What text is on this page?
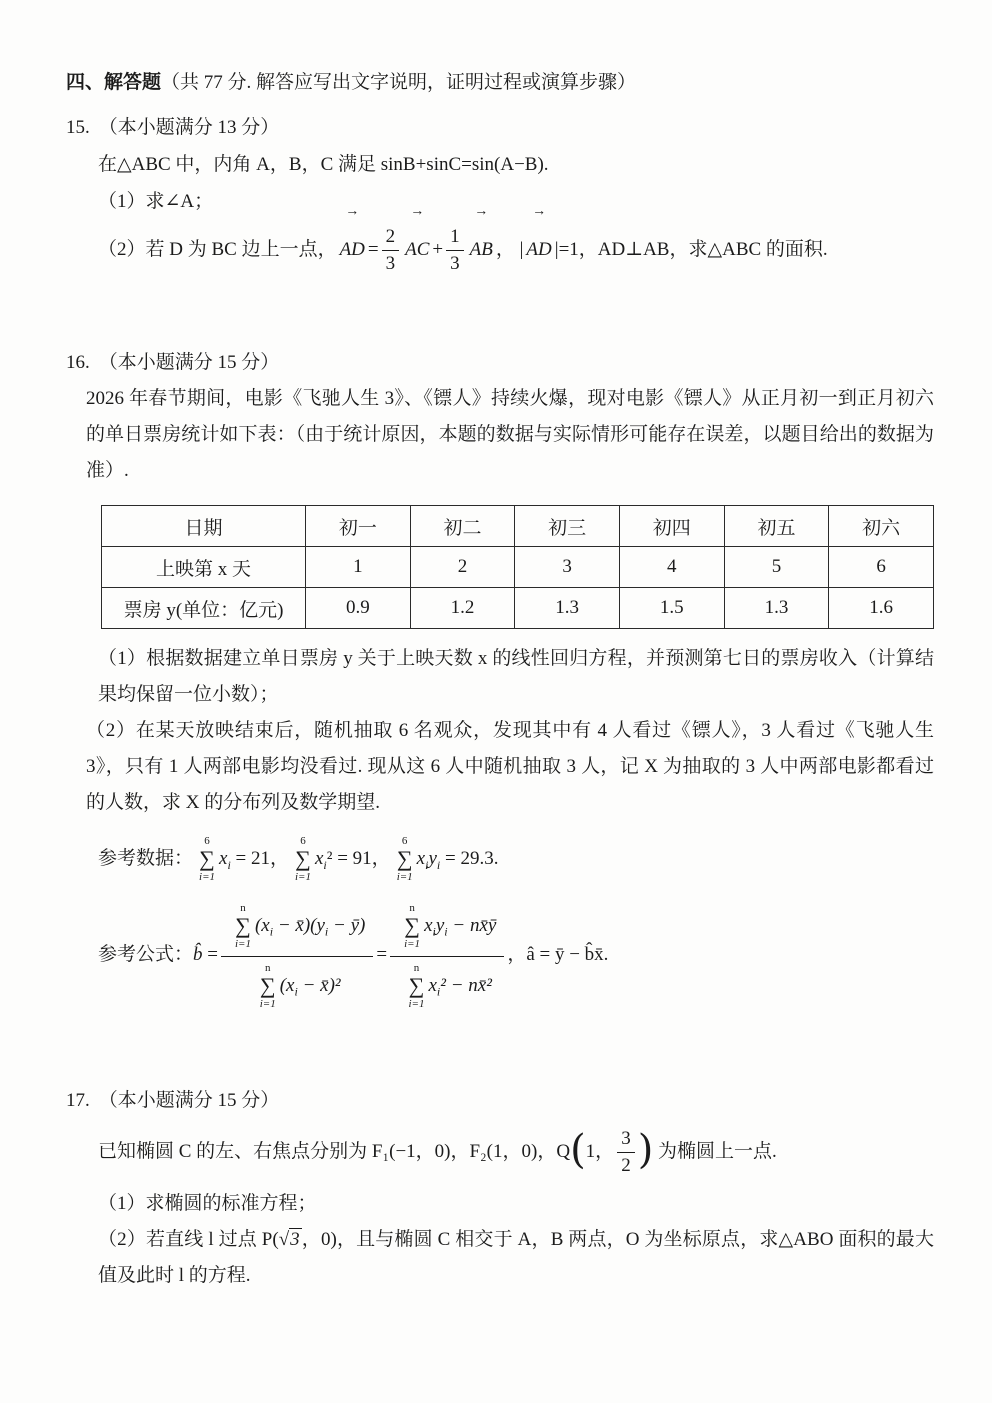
四、解答题（共 77 分. 解答应写出文字说明，证明过程或演算步骤）
15. （本小题满分 13 分）
在△ABC 中，内角 A，B，C 满足 sinB+sinC=sin(A−B).
（1）求∠A；
（2）若 D 为 BC 边上一点，
→
AD = $\frac{2}{3}$
→
AC + $\frac{1}{3}$
→
AB ， |
→
AD |=1，AD⊥AB，求△ABC 的面积.
16. （本小题满分 15 分）
2026 年春节期间，电影《飞驰人生 3》、《镖人》持续火爆，现对电影《镖人》从正月初一到正月初六的单日票房统计如下表：（由于统计原因，本题的数据与实际情形可能存在误差，以题目给出的数据为准）.
日期	初一	初二	初三	初四	初五	初六
上映第 x 天	1	2	3	4	5	6
票房 y(单位：亿元)	0.9	1.2	1.3	1.5	1.3	1.6
（1）根据数据建立单日票房 y 关于上映天数 x 的线性回归方程，并预测第七日的票房收入（计算结果均保留一位小数）；
（2）在某天放映结束后，随机抽取 6 名观众，发现其中有 4 人看过《镖人》，3 人看过《飞驰人生 3》，只有 1 人两部电影均没看过. 现从这 6 人中随机抽取 3 人，记 X 为抽取的 3 人中两部电影都看过的人数，求 X 的分布列及数学期望.
参考数据：
6
∑
i=1
$x_i = 21$，
6
∑
i=1
$x_i^2 = 91$，
6
∑
i=1
$x_iy_i = 29.3$.
参考公式：b̂ = n
∑
i=1
($x_i$ − $x̄)(y_i$ − ȳ)
n
∑
i=1
($x_i$ − x̄)² = n
∑
i=1
$x_iy_i$ − nx̄ȳ
n
∑
i=1
$x_i^2$ − nx̄² ，â = ȳ − b̂x̄.
17. （本小题满分 15 分）
已知椭圆 C 的左、右焦点分别为 F₁(−1，0)，F₂(1，0)，Q(1， $\frac{3}{2}$ ) 为椭圆上一点.
（1）求椭圆的标准方程；
（2）若直线 l 过点 P(√3 ，0)，且与椭圆 C 相交于 A，B 两点，O 为坐标原点，求△ABO 面积的最大值及此时 l 的方程.
